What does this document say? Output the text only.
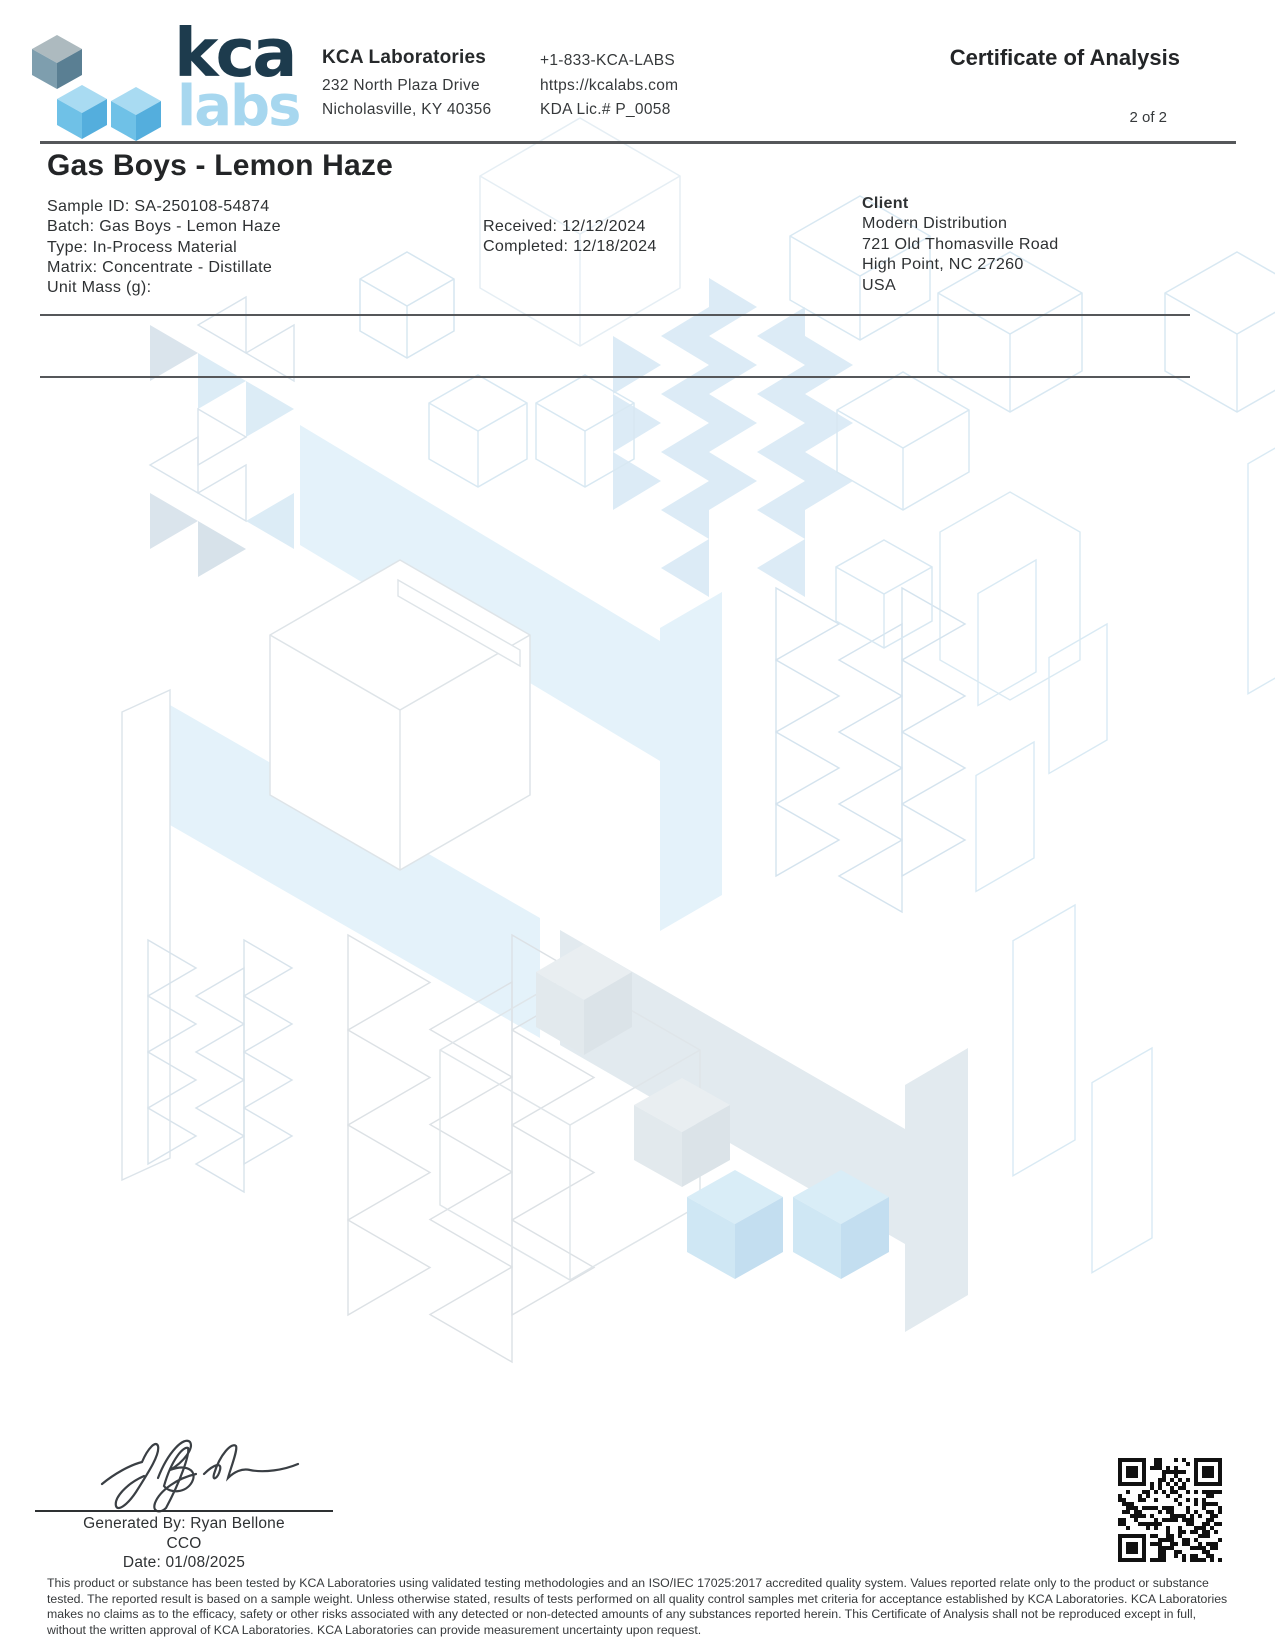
kca
labs
KCA Laboratories
232 North Plaza Drive
Nicholasville, KY 40356
+1-833-KCA-LABS
https://kcalabs.com
KDA Lic.# P_0058
Certificate of Analysis
2 of 2
Gas Boys - Lemon Haze
Sample ID: SA-250108-54874
Batch: Gas Boys - Lemon Haze
Type: In-Process Material
Matrix: Concentrate - Distillate
Unit Mass (g):
Received: 12/12/2024
Completed: 12/18/2024
Client
Modern Distribution
721 Old Thomasville Road
High Point, NC 27260
USA
Generated By: Ryan Bellone
CCO
Date: 01/08/2025
This product or substance has been tested by KCA Laboratories using validated testing methodologies and an ISO/IEC 17025:2017 accredited quality system. Values reported relate only to the product or substance tested. The reported result is based on a sample weight. Unless otherwise stated, results of tests performed on all quality control samples met criteria for acceptance established by KCA Laboratories. KCA Laboratories makes no claims as to the efficacy, safety or other risks associated with any detected or non-detected amounts of any substances reported herein. This Certificate of Analysis shall not be reproduced except in full, without the written approval of KCA Laboratories. KCA Laboratories can provide measurement uncertainty upon request.
